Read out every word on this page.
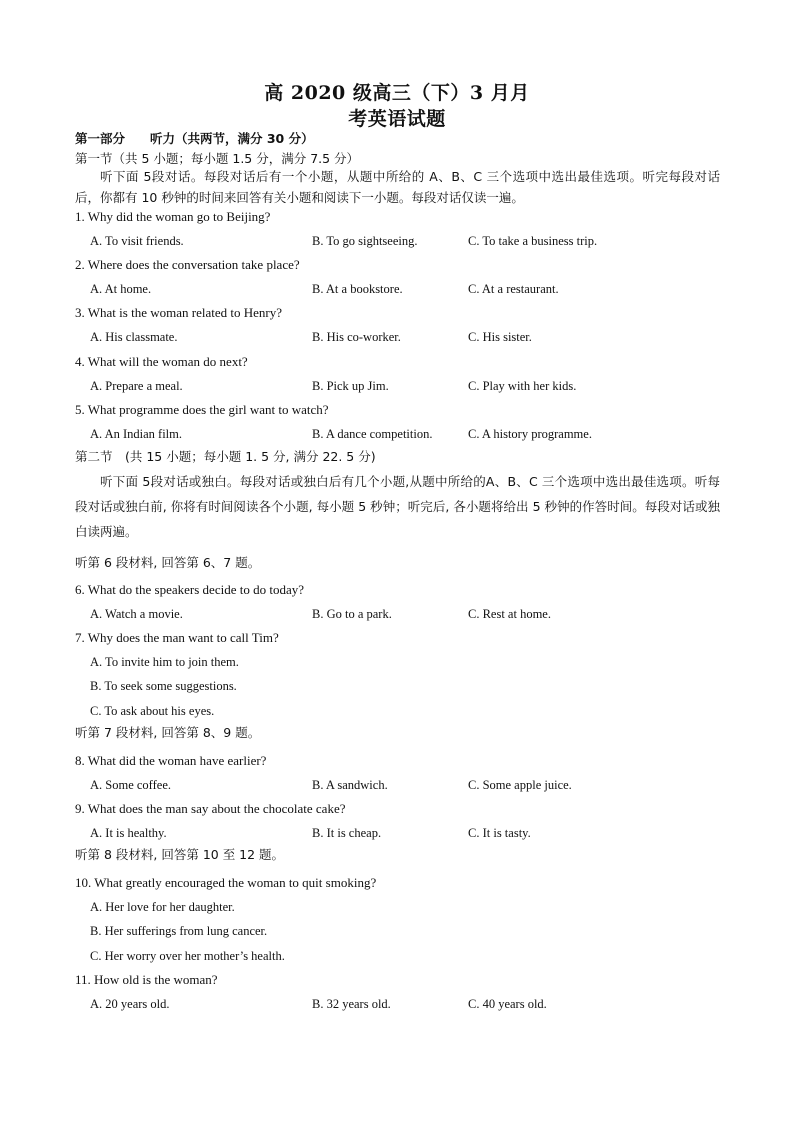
高 2020 级高三（下）3 月月
考英语试题
第一部分　　听力（共两节，满分 30 分）
第一节（共 5 小题；每小题 1.5 分，满分 7.5 分）
听下面 5段对话。每段对话后有一个小题，从题中所给的 A、B、C 三个选项中选出最佳选项。听完每段对话后，你都有 10 秒钟的时间来回答有关小题和阅读下一小题。每段对话仅读一遍。
1. Why did the woman go to Beijing?
A. To visit friends.	B. To go sightseeing.	C. To take a business trip.
2. Where does the conversation take place?
A. At home.	B. At a bookstore.	C. At a restaurant.
3. What is the woman related to Henry?
A. His classmate.	B. His co-worker.	C. His sister.
4. What will the woman do next?
A. Prepare a meal.	B. Pick up Jim.	C. Play with her kids.
5. What programme does the girl want to watch?
A. An Indian film.	B. A dance competition.	C. A history programme.
第二节　(共 15 小题；每小题 1. 5 分, 满分 22. 5 分)
听下面 5段对话或独白。每段对话或独白后有几个小题,从题中所给的A、B、C 三个选项中选出最佳选项。听每段对话或独白前, 你将有时间阅读各个小题, 每小题 5 秒钟；听完后, 各小题将给出 5 秒钟的作答时间。每段对话或独白读两遍。
听第 6 段材料, 回答第 6、7 题。
6. What do the speakers decide to do today?
A. Watch a movie.	B. Go to a park.	C. Rest at home.
7. Why does the man want to call Tim?
A. To invite him to join them.
B. To seek some suggestions.
C. To ask about his eyes.
听第 7 段材料, 回答第 8、9 题。
8. What did the woman have earlier?
A. Some coffee.	B. A sandwich.	C. Some apple juice.
9. What does the man say about the chocolate cake?
A. It is healthy.	B. It is cheap.	C. It is tasty.
听第 8 段材料, 回答第 10 至 12 题。
10. What greatly encouraged the woman to quit smoking?
A. Her love for her daughter.
B. Her sufferings from lung cancer.
C. Her worry over her mother’s health.
11. How old is the woman?
A. 20 years old.	B. 32 years old.	C. 40 years old.
